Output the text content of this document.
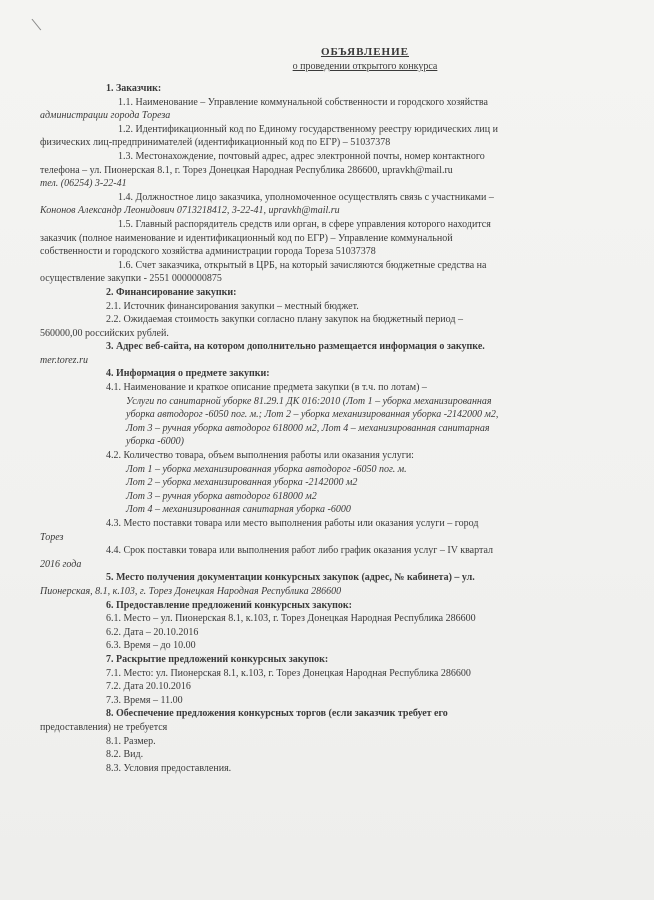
\
ОБЪЯВЛЕНИЕ
о проведении открытого конкурса
1. Заказчик:
1.1. Наименование – Управление коммунальной собственности и городского хозяйства
администрации города Тореза
1.2. Идентификационный код по Единому государственному реестру юридических лиц и
физических лиц-предпринимателей (идентификационный код по ЕГР) – 51037378
1.3. Местонахождение, почтовый адрес, адрес электронной почты, номер контактного
телефона – ул. Пионерская 8.1, г. Торез Донецкая Народная Республика 286600, upravkh@mail.ru
тел. (06254) 3-22-41
1.4. Должностное лицо заказчика, уполномоченное осуществлять связь с участниками –
Кононов Александр Леонидович 0713218412, 3-22-41, upravkh@mail.ru
1.5. Главный распорядитель средств или орган, в сфере управления которого находится
заказчик (полное наименование и идентификационный код по ЕГР) – Управление коммунальной
собственности и городского хозяйства администрации города Тореза 51037378
1.6. Счет заказчика, открытый в ЦРБ, на который зачисляются бюджетные средства на
осуществление закупки - 2551 0000000875
2. Финансирование закупки:
2.1. Источник финансирования закупки – местный бюджет.
2.2. Ожидаемая стоимость закупки согласно плану закупок на бюджетный период –
560000,00 российских рублей.
3. Адрес веб-сайта, на котором дополнительно размещается информация о закупке.
mer.torez.ru
4. Информация о предмете закупки:
4.1. Наименование и краткое описание предмета закупки (в т.ч. по лотам) –
Услуги по санитарной уборке 81.29.1 ДК 016:2010 (Лот 1 – уборка механизированная
уборка автодорог -6050 пог. м.; Лот 2 – уборка механизированная уборка -2142000 м2,
Лот 3 – ручная уборка автодорог 618000 м2, Лот 4 – механизированная санитарная
уборка -6000)
4.2. Количество товара, объем выполнения работы или оказания услуги:
Лот 1 – уборка механизированная уборка автодорог -6050 пог. м.
Лот 2 – уборка механизированная уборка -2142000 м2
Лот 3 – ручная уборка автодорог 618000 м2
Лот 4 – механизированная санитарная уборка -6000
4.3. Место поставки товара или место выполнения работы или оказания услуги – город
Торез
4.4. Срок поставки товара или выполнения работ либо график оказания услуг – IV квартал
2016 года
5. Место получения документации конкурсных закупок (адрес, № кабинета) – ул.
Пионерская, 8.1, к.103, г. Торез Донецкая Народная Республика 286600
6. Предоставление предложений конкурсных закупок:
6.1. Место – ул. Пионерская 8.1, к.103, г. Торез Донецкая Народная Республика 286600
6.2. Дата – 20.10.2016
6.3. Время – до 10.00
7. Раскрытие предложений конкурсных закупок:
7.1. Место: ул. Пионерская 8.1, к.103, г. Торез Донецкая Народная Республика 286600
7.2. Дата 20.10.2016
7.3. Время – 11.00
8. Обеспечение предложения конкурсных торгов (если заказчик требует его
предоставления) не требуется
8.1. Размер.
8.2. Вид.
8.3. Условия предоставления.
